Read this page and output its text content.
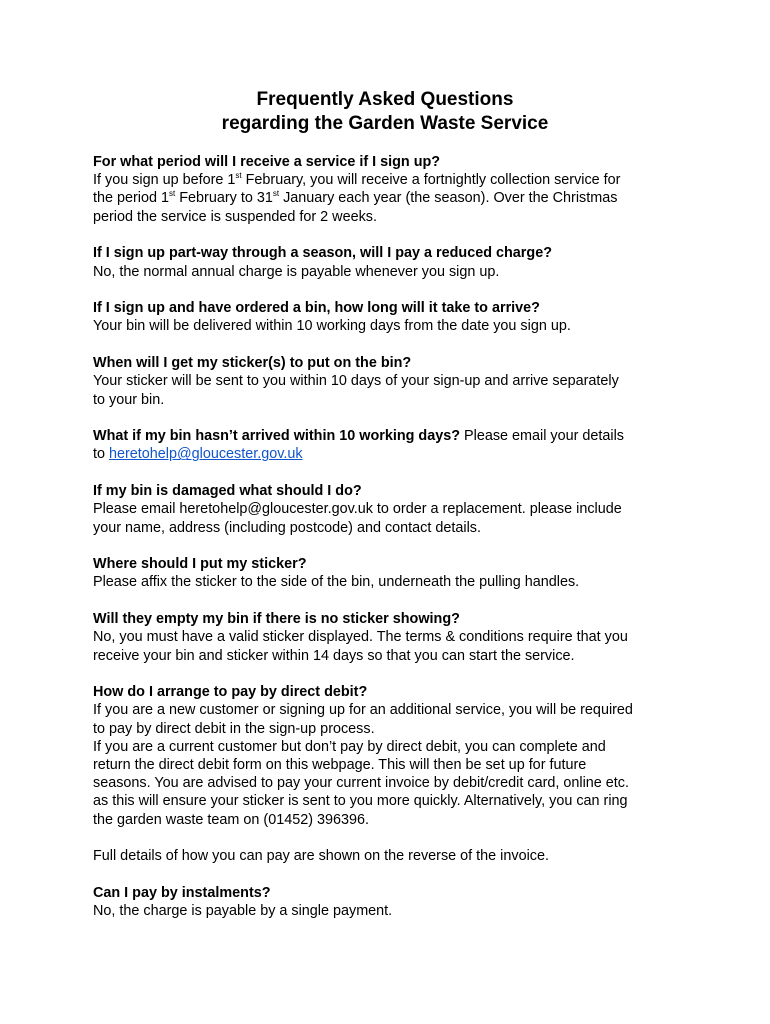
Frequently Asked Questions
regarding the Garden Waste Service
For what period will I receive a service if I sign up?
If you sign up before 1st February, you will receive a fortnightly collection service for
the period 1st February to 31st January each year (the season). Over the Christmas
period the service is suspended for 2 weeks.
If I sign up part-way through a season, will I pay a reduced charge?
No, the normal annual charge is payable whenever you sign up.
If I sign up and have ordered a bin, how long will it take to arrive?
Your bin will be delivered within 10 working days from the date you sign up.
When will I get my sticker(s) to put on the bin?
Your sticker will be sent to you within 10 days of your sign-up and arrive separately
to your bin.
What if my bin hasn’t arrived within 10 working days? Please email your details
to heretohelp@gloucester.gov.uk
If my bin is damaged what should I do?
Please email heretohelp@gloucester.gov.uk to order a replacement. please include
your name, address (including postcode) and contact details.
Where should I put my sticker?
Please affix the sticker to the side of the bin, underneath the pulling handles.
Will they empty my bin if there is no sticker showing?
No, you must have a valid sticker displayed. The terms & conditions require that you
receive your bin and sticker within 14 days so that you can start the service.
How do I arrange to pay by direct debit?
If you are a new customer or signing up for an additional service, you will be required
to pay by direct debit in the sign-up process.
If you are a current customer but don’t pay by direct debit, you can complete and
return the direct debit form on this webpage. This will then be set up for future
seasons. You are advised to pay your current invoice by debit/credit card, online etc.
as this will ensure your sticker is sent to you more quickly. Alternatively, you can ring
the garden waste team on (01452) 396396.
Full details of how you can pay are shown on the reverse of the invoice.
Can I pay by instalments?
No, the charge is payable by a single payment.
